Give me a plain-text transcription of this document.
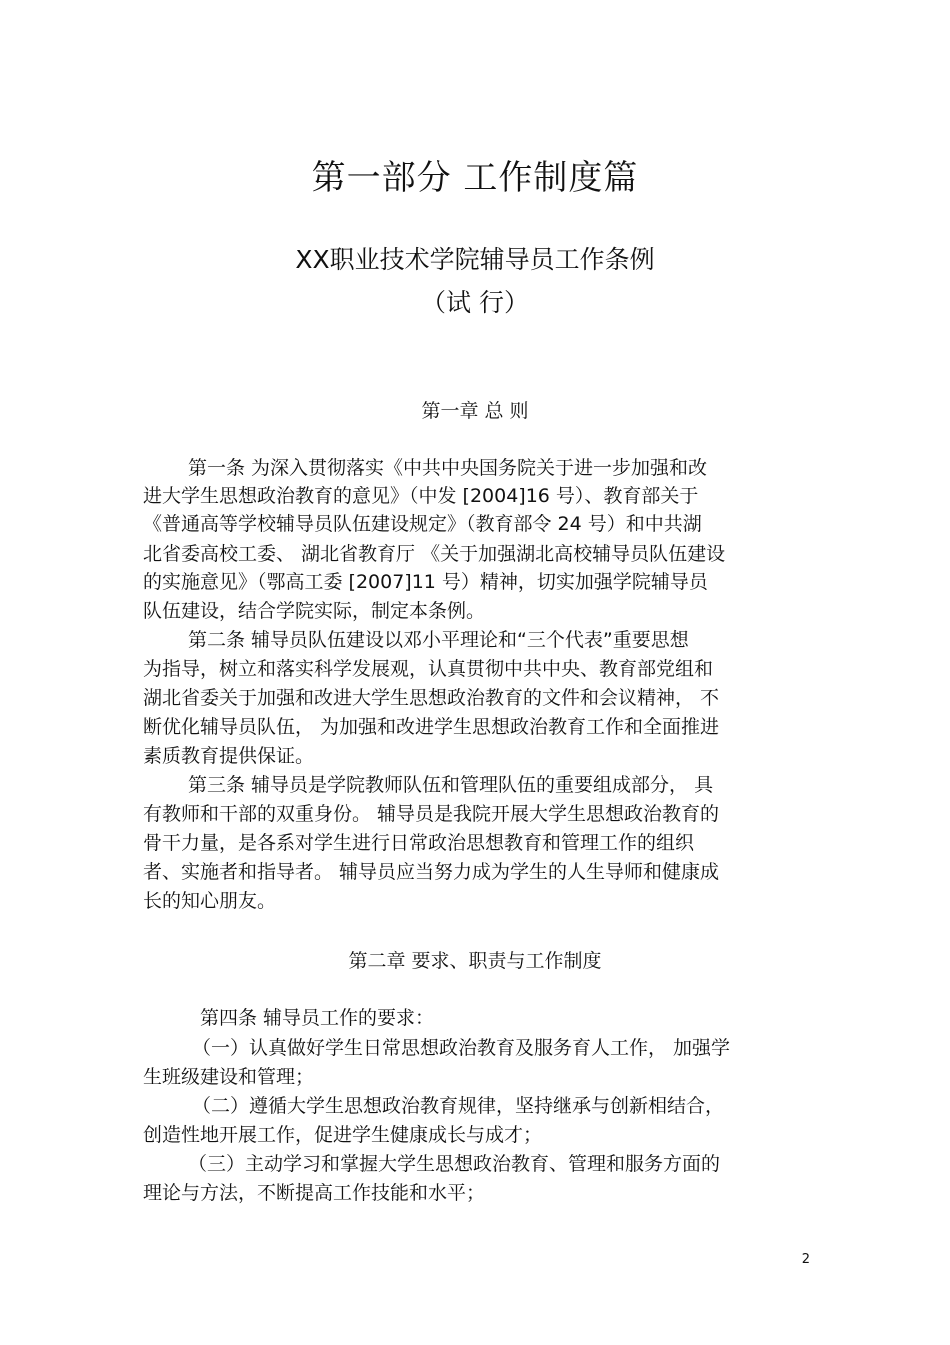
第一部分 工作制度篇
XX职业技术学院辅导员工作条例
（试 行）
第一章 总 则
第一条 为深入贯彻落实《中共中央国务院关于进一步加强和改
进大学生思想政治教育的意见》（中发 [2004]16 号）、教育部关于
《普通高等学校辅导员队伍建设规定》（教育部令 24 号）和中共湖
北省委高校工委、 湖北省教育厅 《关于加强湖北高校辅导员队伍建设
的实施意见》（鄂高工委 [2007]11 号）精神，切实加强学院辅导员
队伍建设，结合学院实际，制定本条例。
第二条 辅导员队伍建设以邓小平理论和“三个代表”重要思想
为指导，树立和落实科学发展观，认真贯彻中共中央、教育部党组和
湖北省委关于加强和改进大学生思想政治教育的文件和会议精神， 不
断优化辅导员队伍， 为加强和改进学生思想政治教育工作和全面推进
素质教育提供保证。
第三条 辅导员是学院教师队伍和管理队伍的重要组成部分， 具
有教师和干部的双重身份。 辅导员是我院开展大学生思想政治教育的
骨干力量，是各系对学生进行日常政治思想教育和管理工作的组织
者、实施者和指导者。 辅导员应当努力成为学生的人生导师和健康成
长的知心朋友。
第二章 要求、职责与工作制度
第四条 辅导员工作的要求：
（一）认真做好学生日常思想政治教育及服务育人工作， 加强学
生班级建设和管理；
（二）遵循大学生思想政治教育规律，坚持继承与创新相结合，
创造性地开展工作，促进学生健康成长与成才；
（三）主动学习和掌握大学生思想政治教育、管理和服务方面的
理论与方法，不断提高工作技能和水平；
2
